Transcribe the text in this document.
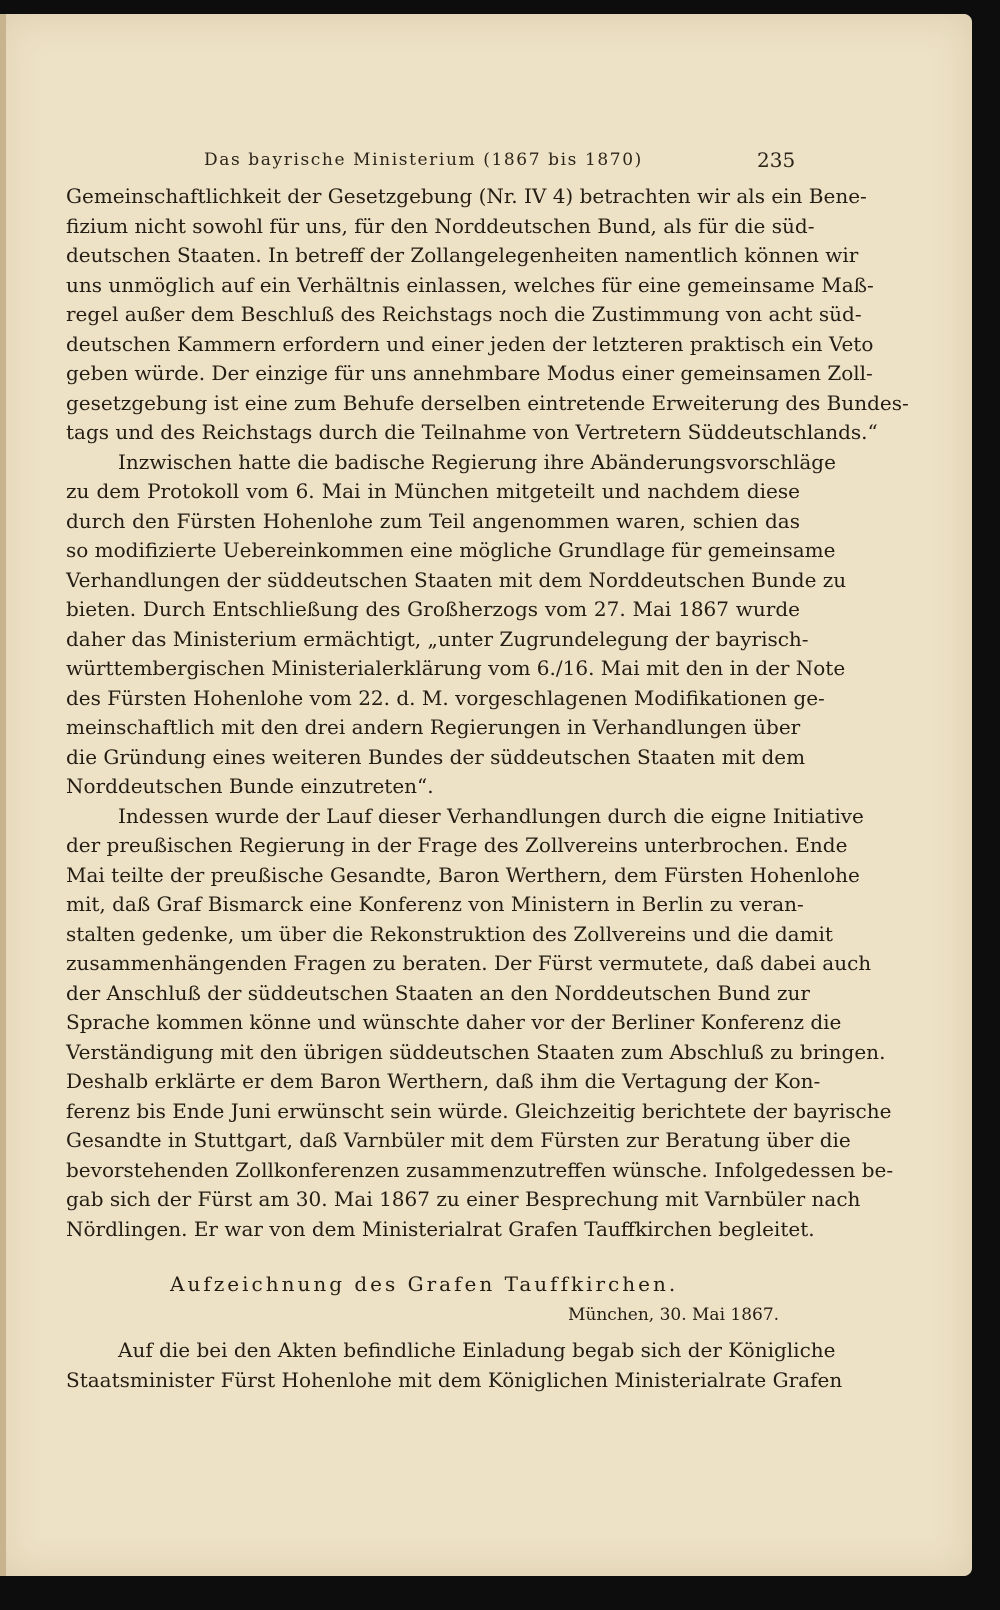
Das bayrische Ministerium (1867 bis 1870)	235
Gemeinschaftlichkeit der Gesetzgebung (Nr. IV 4) betrachten wir als ein Bene-
fizium nicht sowohl für uns, für den Norddeutschen Bund, als für die süd-
deutschen Staaten. In betreff der Zollangelegenheiten namentlich können wir
uns unmöglich auf ein Verhältnis einlassen, welches für eine gemeinsame Maß-
regel außer dem Beschluß des Reichstags noch die Zustimmung von acht süd-
deutschen Kammern erfordern und einer jeden der letzteren praktisch ein Veto
geben würde. Der einzige für uns annehmbare Modus einer gemeinsamen Zoll-
gesetzgebung ist eine zum Behufe derselben eintretende Erweiterung des Bundes-
tags und des Reichstags durch die Teilnahme von Vertretern Süddeutschlands.“
Inzwischen hatte die badische Regierung ihre Abänderungsvorschläge
zu dem Protokoll vom 6. Mai in München mitgeteilt und nachdem diese
durch den Fürsten Hohenlohe zum Teil angenommen waren, schien das
so modifizierte Uebereinkommen eine mögliche Grundlage für gemeinsame
Verhandlungen der süddeutschen Staaten mit dem Norddeutschen Bunde zu
bieten. Durch Entschließung des Großherzogs vom 27. Mai 1867 wurde
daher das Ministerium ermächtigt, „unter Zugrundelegung der bayrisch-
württembergischen Ministerialerklärung vom 6./16. Mai mit den in der Note
des Fürsten Hohenlohe vom 22. d. M. vorgeschlagenen Modifikationen ge-
meinschaftlich mit den drei andern Regierungen in Verhandlungen über
die Gründung eines weiteren Bundes der süddeutschen Staaten mit dem
Norddeutschen Bunde einzutreten“.
Indessen wurde der Lauf dieser Verhandlungen durch die eigne Initiative
der preußischen Regierung in der Frage des Zollvereins unterbrochen. Ende
Mai teilte der preußische Gesandte, Baron Werthern, dem Fürsten Hohenlohe
mit, daß Graf Bismarck eine Konferenz von Ministern in Berlin zu veran-
stalten gedenke, um über die Rekonstruktion des Zollvereins und die damit
zusammenhängenden Fragen zu beraten. Der Fürst vermutete, daß dabei auch
der Anschluß der süddeutschen Staaten an den Norddeutschen Bund zur
Sprache kommen könne und wünschte daher vor der Berliner Konferenz die
Verständigung mit den übrigen süddeutschen Staaten zum Abschluß zu bringen.
Deshalb erklärte er dem Baron Werthern, daß ihm die Vertagung der Kon-
ferenz bis Ende Juni erwünscht sein würde. Gleichzeitig berichtete der bayrische
Gesandte in Stuttgart, daß Varnbüler mit dem Fürsten zur Beratung über die
bevorstehenden Zollkonferenzen zusammenzutreffen wünsche. Infolgedessen be-
gab sich der Fürst am 30. Mai 1867 zu einer Besprechung mit Varnbüler nach
Nördlingen. Er war von dem Ministerialrat Grafen Tauffkirchen begleitet.
Aufzeichnung des Grafen Tauffkirchen.
München, 30. Mai 1867.
Auf die bei den Akten befindliche Einladung begab sich der Königliche
Staatsminister Fürst Hohenlohe mit dem Königlichen Ministerialrate Grafen
